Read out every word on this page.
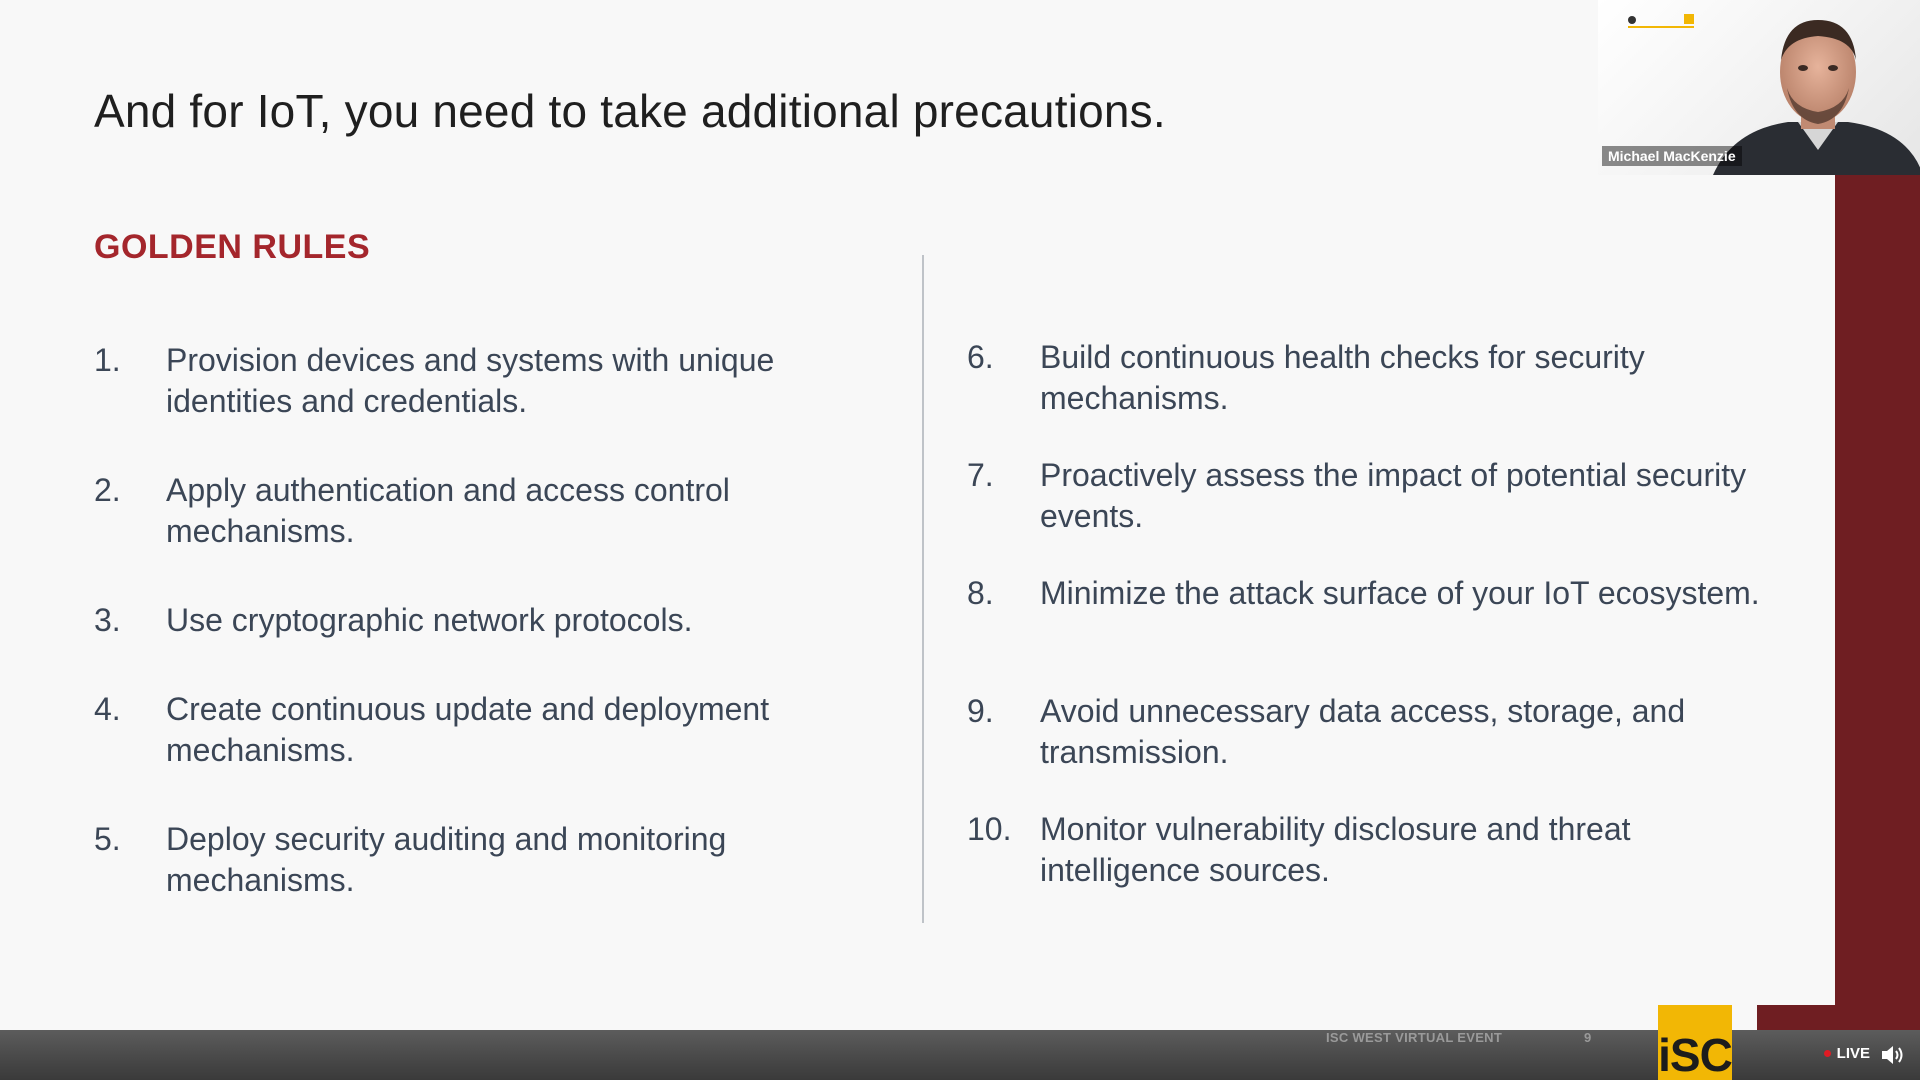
And for IoT, you need to take additional precautions.
GOLDEN RULES
1.	Provision devices and systems with unique identities and credentials.
2.	Apply authentication and access control mechanisms.
3.	Use cryptographic network protocols.
4.	Create continuous update and deployment mechanisms.
5.	Deploy security auditing and monitoring mechanisms.
6.	Build continuous health checks for security mechanisms.
7.	Proactively assess the impact of potential security events.
8.	Minimize the attack surface of your IoT ecosystem.
9.	Avoid unnecessary data access, storage, and transmission.
10. Monitor vulnerability disclosure and threat intelligence sources.
Michael MacKenzie
ISC WEST VIRTUAL EVENT	9
LIVE
iSC
